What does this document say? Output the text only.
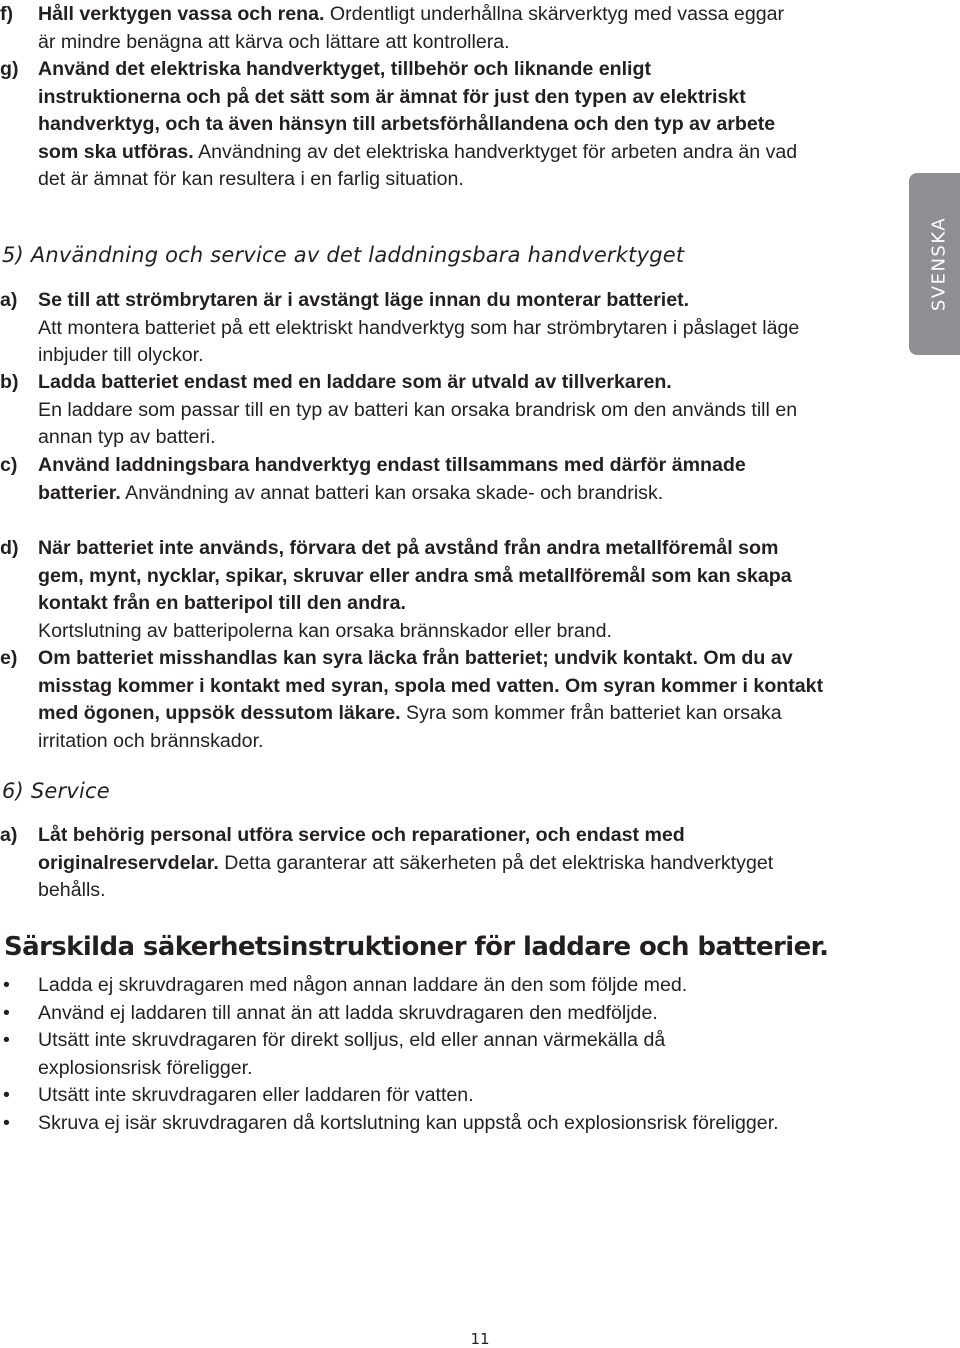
f)	Håll verktygen vassa och rena. Ordentligt underhållna skärverktyg med vassa eggar är mindre benägna att kärva och lättare att kontrollera.
g) Använd det elektriska handverktyget, tillbehör och liknande enligt instruktionerna och på det sätt som är ämnat för just den typen av elektriskt handverktyg, och ta även hänsyn till arbetsförhållandena och den typ av arbete som ska utföras. Användning av det elektriska handverktyget för arbeten andra än vad det är ämnat för kan resultera i en farlig situation.
5) Användning och service av det laddningsbara handverktyget
a)	Se till att strömbrytaren är i avstängt läge innan du monterar batteriet.
Att montera batteriet på ett elektriskt handverktyg som har strömbrytaren i påslaget läge inbjuder till olyckor.
b) Ladda batteriet endast med en laddare som är utvald av tillverkaren.
En laddare som passar till en typ av batteri kan orsaka brandrisk om den används till en annan typ av batteri.
c)	Använd laddningsbara handverktyg endast tillsammans med därför ämnade batterier. Användning av annat batteri kan orsaka skade- och brandrisk.
d) När batteriet inte används, förvara det på avstånd från andra metallföremål som gem, mynt, nycklar, spikar, skruvar eller andra små metallföremål som kan skapa kontakt från en batteripol till den andra.
Kortslutning av batteripolerna kan orsaka brännskador eller brand.
e)	Om batteriet misshandlas kan syra läcka från batteriet; undvik kontakt. Om du av misstag kommer i kontakt med syran, spola med vatten. Om syran kommer i kontakt med ögonen, uppsök dessutom läkare. Syra som kommer från batteriet kan orsaka irritation och brännskador.
6) Service
a)	Låt behörig personal utföra service och reparationer, och endast med originalreservdelar. Detta garanterar att säkerheten på det elektriska handverktyget behålls.
Särskilda säkerhetsinstruktioner för laddare och batterier.
•	Ladda ej skruvdragaren med någon annan laddare än den som följde med.
•	Använd ej laddaren till annat än att ladda skruvdragaren den medföljde.
•	Utsätt inte skruvdragaren för direkt solljus, eld eller annan värmekälla då explosionsrisk föreligger.
•	Utsätt inte skruvdragaren eller laddaren för vatten.
•	Skruva ej isär skruvdragaren då kortslutning kan uppstå och explosionsrisk föreligger.
SVENSKA
11
